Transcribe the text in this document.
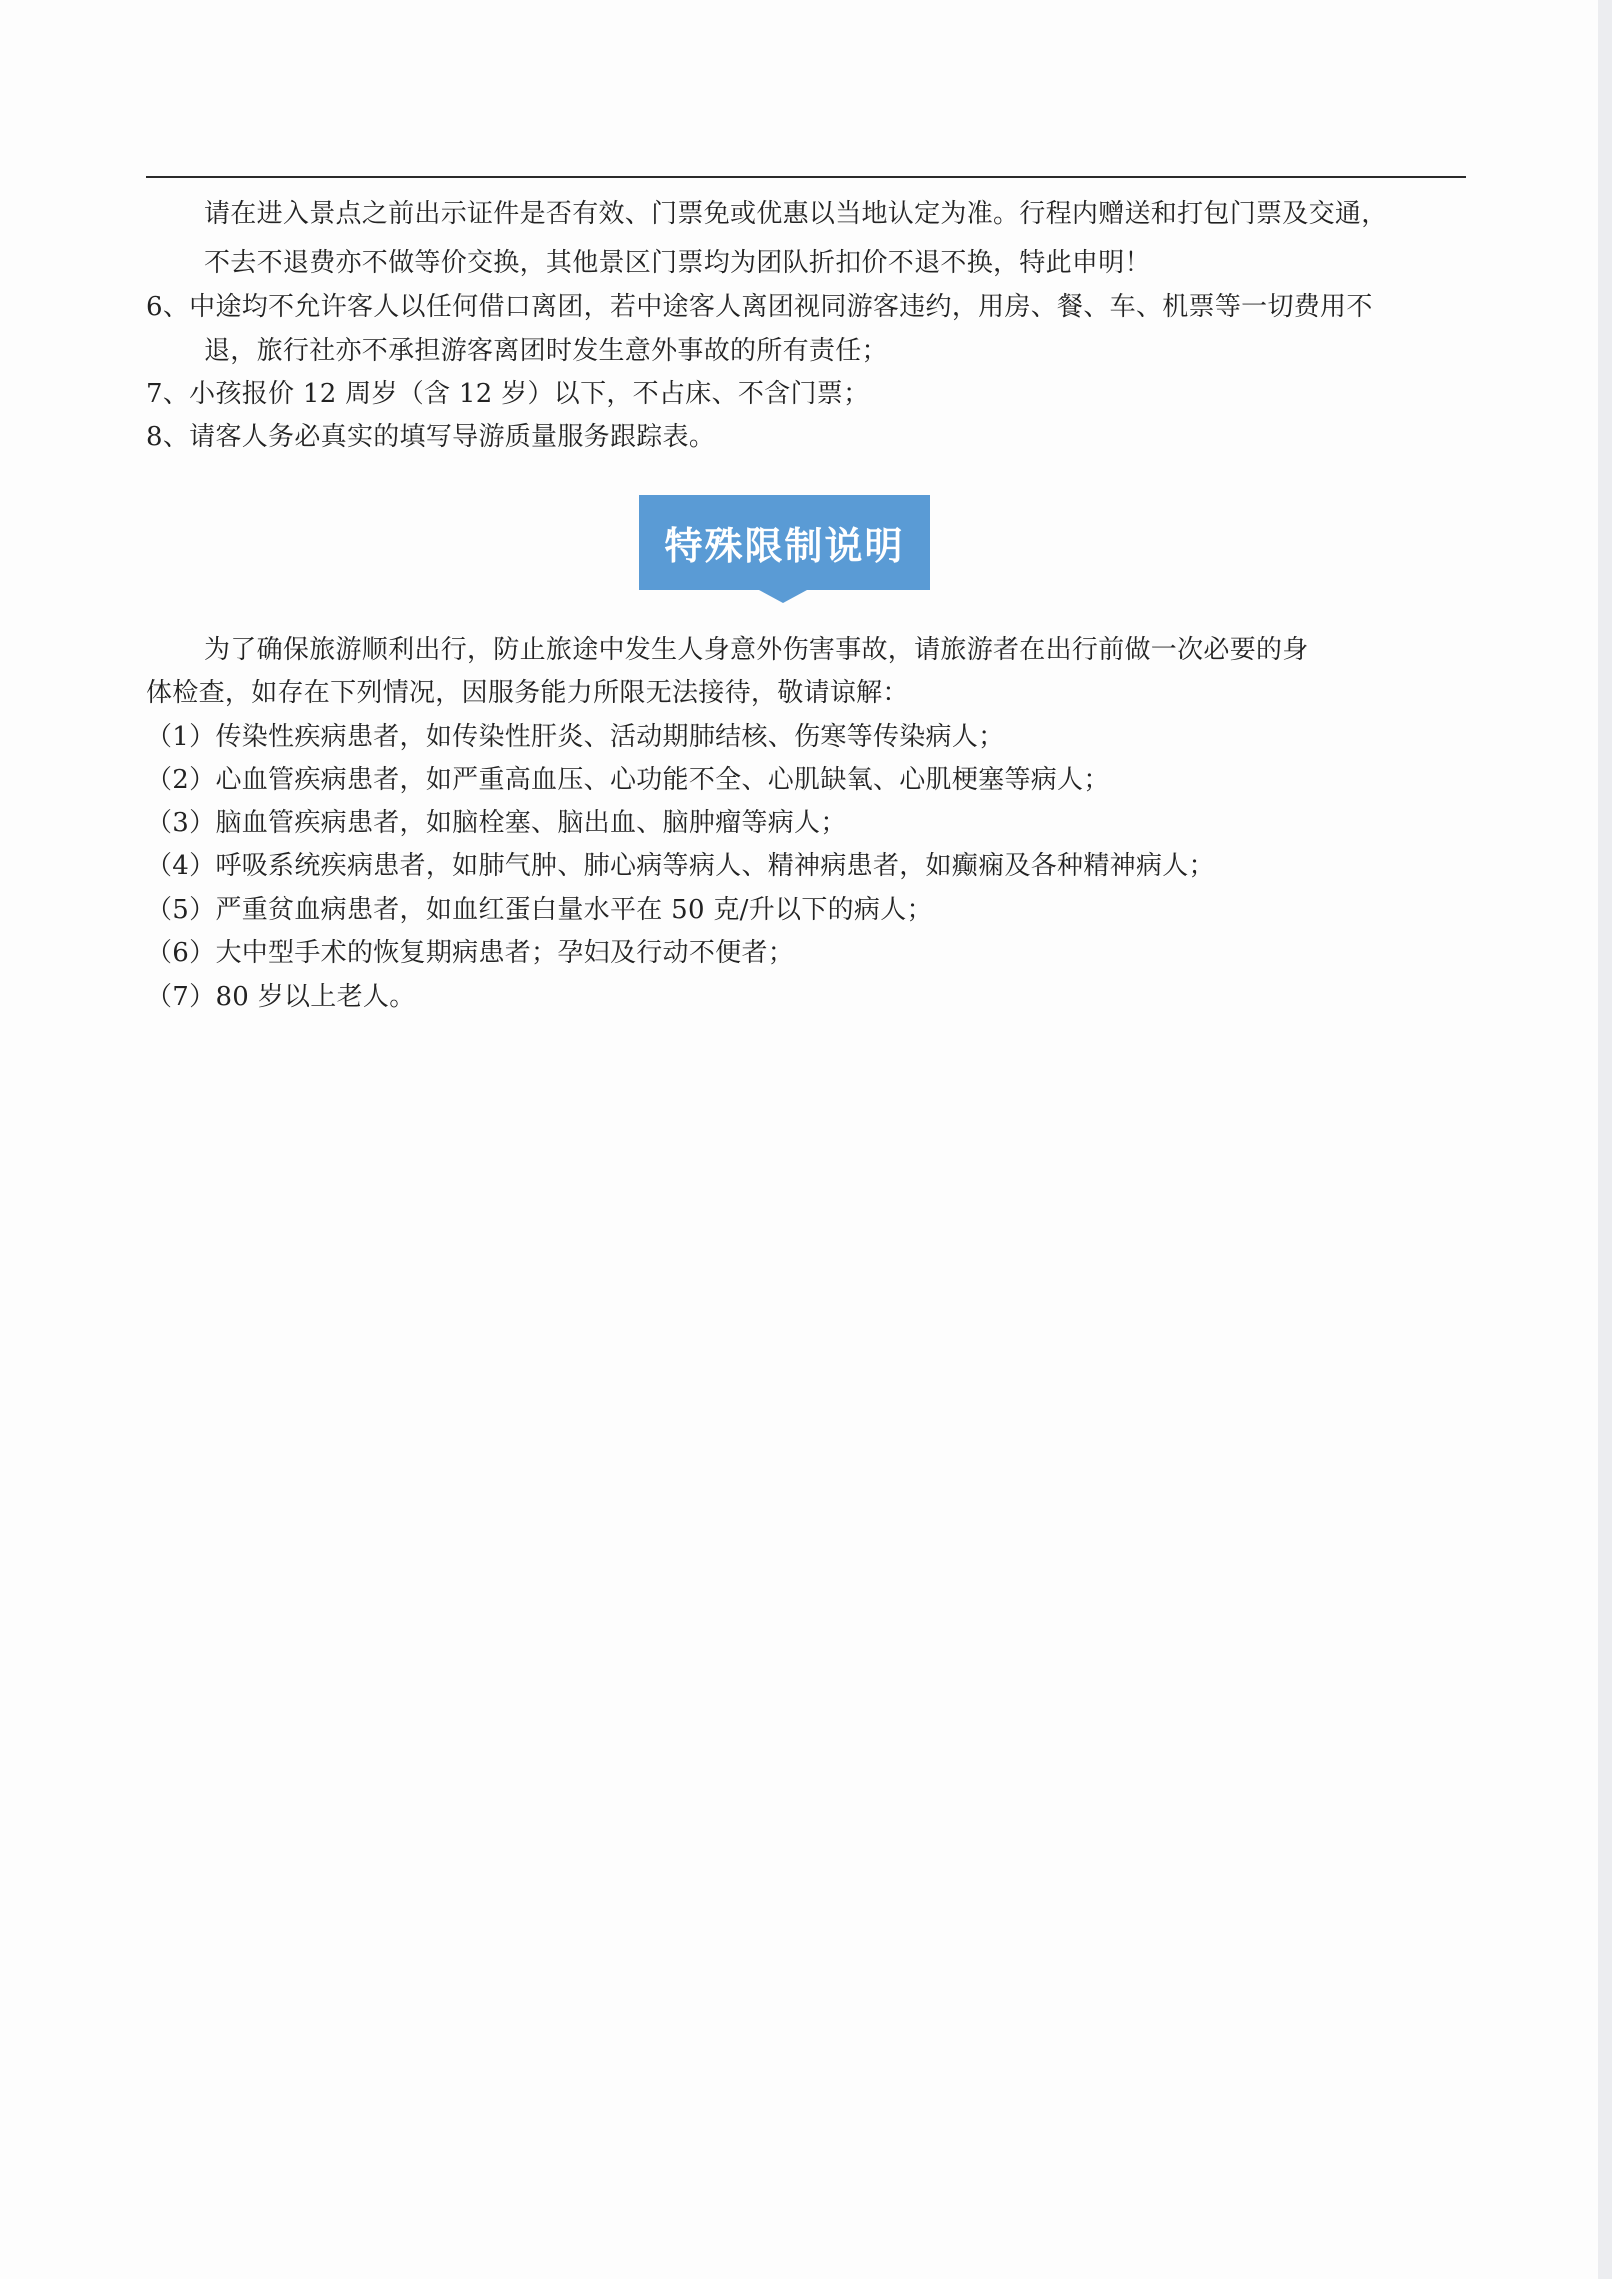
请在进入景点之前出示证件是否有效、门票免或优惠以当地认定为准。行程内赠送和打包门票及交通，
不去不退费亦不做等价交换，其他景区门票均为团队折扣价不退不换，特此申明！
6、中途均不允许客人以任何借口离团，若中途客人离团视同游客违约，用房、餐、车、机票等一切费用不
退，旅行社亦不承担游客离团时发生意外事故的所有责任；
7、小孩报价 12 周岁（含 12 岁）以下，不占床、不含门票；
8、请客人务必真实的填写导游质量服务跟踪表。
特殊限制说明
为了确保旅游顺利出行，防止旅途中发生人身意外伤害事故，请旅游者在出行前做一次必要的身
体检查，如存在下列情况，因服务能力所限无法接待，敬请谅解：
（1）传染性疾病患者，如传染性肝炎、活动期肺结核、伤寒等传染病人；
（2）心血管疾病患者，如严重高血压、心功能不全、心肌缺氧、心肌梗塞等病人；
（3）脑血管疾病患者，如脑栓塞、脑出血、脑肿瘤等病人；
（4）呼吸系统疾病患者，如肺气肿、肺心病等病人、精神病患者，如癫痫及各种精神病人；
（5）严重贫血病患者，如血红蛋白量水平在 50 克/升以下的病人；
（6）大中型手术的恢复期病患者；孕妇及行动不便者；
（7）80 岁以上老人。
